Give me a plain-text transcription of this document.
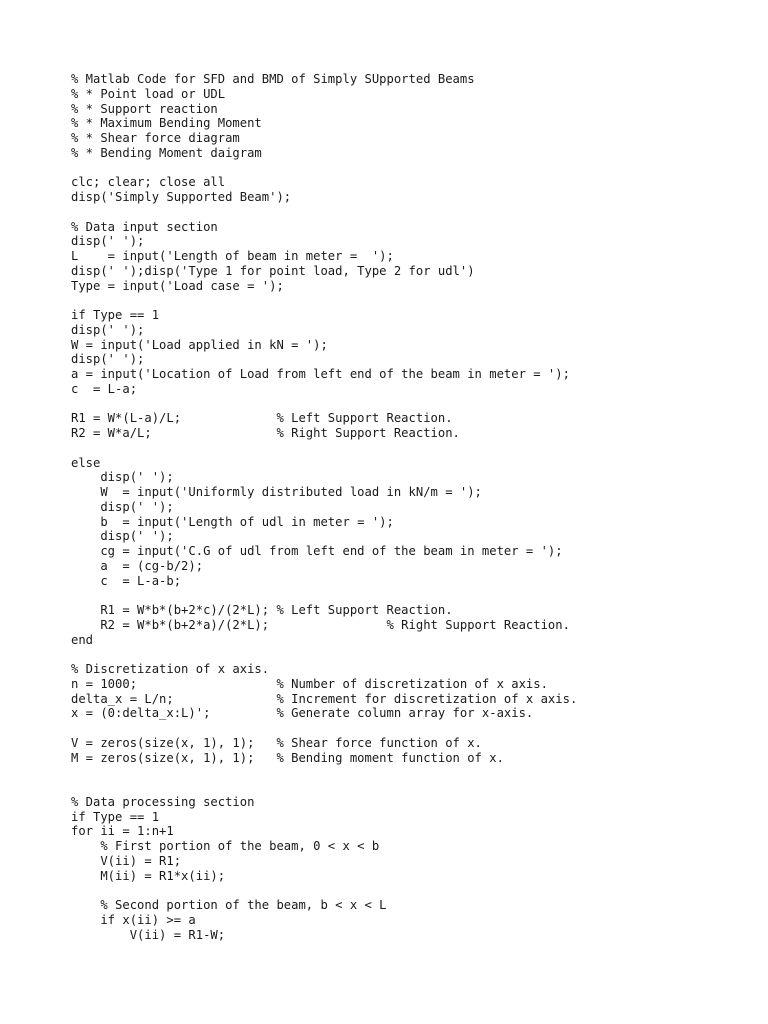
% Matlab Code for SFD and BMD of Simply SUpported Beams
% * Point load or UDL
% * Support reaction
% * Maximum Bending Moment
% * Shear force diagram
% * Bending Moment daigram

clc; clear; close all
disp('Simply Supported Beam');

% Data input section
disp(' ');
L    = input('Length of beam in meter =  ');
disp(' ');disp('Type 1 for point load, Type 2 for udl')
Type = input('Load case = ');

if Type == 1
disp(' ');
W = input('Load applied in kN = ');
disp(' ');
a = input('Location of Load from left end of the beam in meter = ');
c  = L-a;

R1 = W*(L-a)/L;             % Left Support Reaction.
R2 = W*a/L;                 % Right Support Reaction.

else
disp(' ');
W  = input('Uniformly distributed load in kN/m = ');
disp(' ');
b  = input('Length of udl in meter = ');
disp(' ');
cg = input('C.G of udl from left end of the beam in meter = ');
a  = (cg-b/2);
c  = L-a-b;

R1 = W*b*(b+2*c)/(2*L); % Left Support Reaction.
R2 = W*b*(b+2*a)/(2*L);                % Right Support Reaction.
end

% Discretization of x axis.
n = 1000;                   % Number of discretization of x axis.
delta_x = L/n;              % Increment for discretization of x axis.
x = (0:delta_x:L)';         % Generate column array for x-axis.

V = zeros(size(x, 1), 1);   % Shear force function of x.
M = zeros(size(x, 1), 1);   % Bending moment function of x.

% Data processing section
if Type == 1
for ii = 1:n+1
% First portion of the beam, 0 < x < b
V(ii) = R1;
M(ii) = R1*x(ii);

% Second portion of the beam, b < x < L
if x(ii) >= a
V(ii) = R1-W;
